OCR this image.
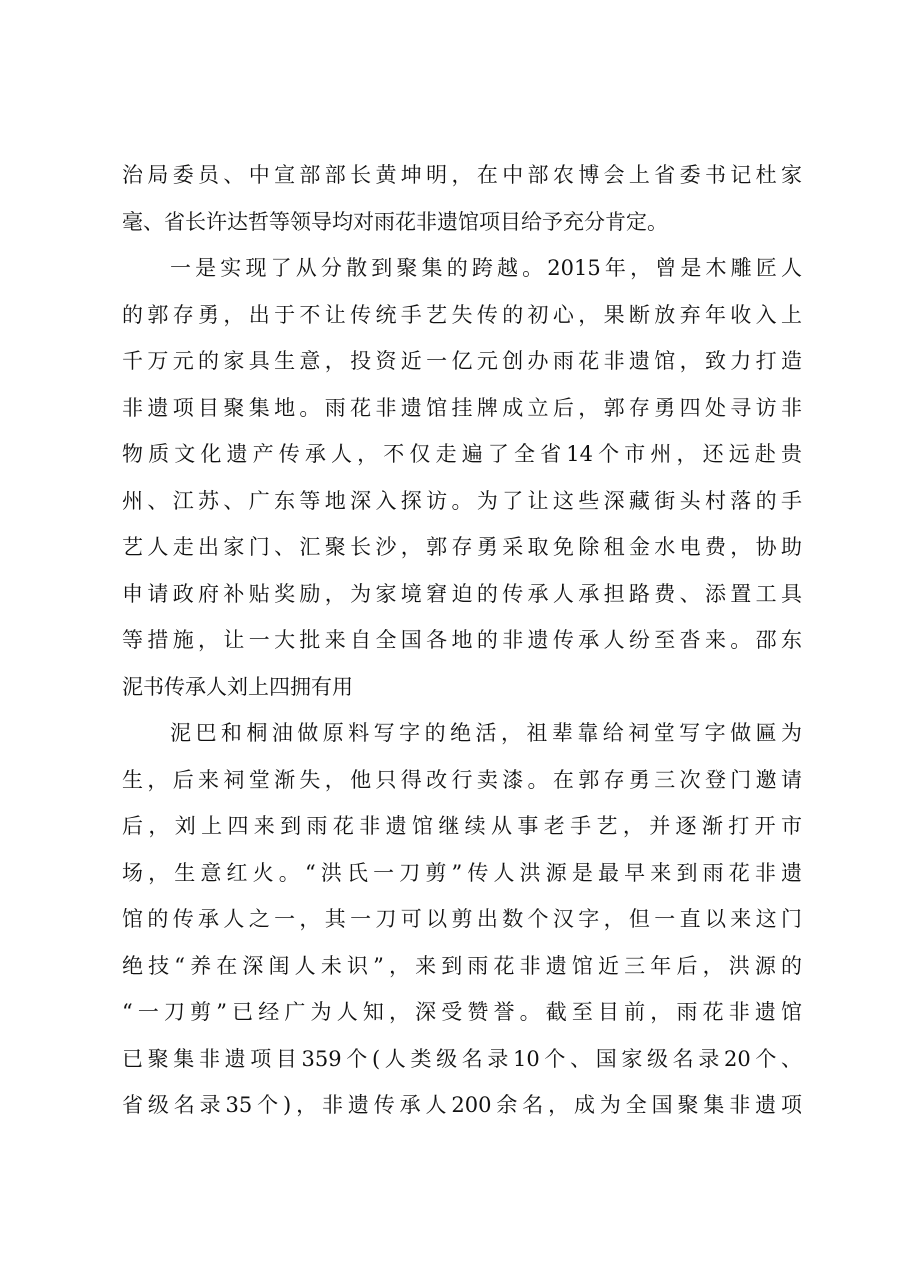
治局委员、中宣部部长黄坤明，在中部农博会上省委书记杜家
毫、省长许达哲等领导均对雨花非遗馆项目给予充分肯定。
一是实现了从分散到聚集的跨越。2015年，曾是木雕匠人
的郭存勇，出于不让传统手艺失传的初心，果断放弃年收入上
千万元的家具生意，投资近一亿元创办雨花非遗馆，致力打造
非遗项目聚集地。雨花非遗馆挂牌成立后，郭存勇四处寻访非
物质文化遗产传承人，不仅走遍了全省14个市州，还远赴贵
州、江苏、广东等地深入探访。为了让这些深藏街头村落的手
艺人走出家门、汇聚长沙，郭存勇采取免除租金水电费，协助
申请政府补贴奖励，为家境窘迫的传承人承担路费、添置工具
等措施，让一大批来自全国各地的非遗传承人纷至沓来。邵东
泥书传承人刘上四拥有用
泥巴和桐油做原料写字的绝活，祖辈靠给祠堂写字做匾为
生，后来祠堂渐失，他只得改行卖漆。在郭存勇三次登门邀请
后，刘上四来到雨花非遗馆继续从事老手艺，并逐渐打开市
场，生意红火。“洪氏一刀剪”传人洪源是最早来到雨花非遗
馆的传承人之一，其一刀可以剪出数个汉字，但一直以来这门
绝技“养在深闺人未识”，来到雨花非遗馆近三年后，洪源的
“一刀剪”已经广为人知，深受赞誉。截至目前，雨花非遗馆
已聚集非遗项目359个(人类级名录10个、国家级名录20个、
省级名录35个)，非遗传承人200余名，成为全国聚集非遗项
